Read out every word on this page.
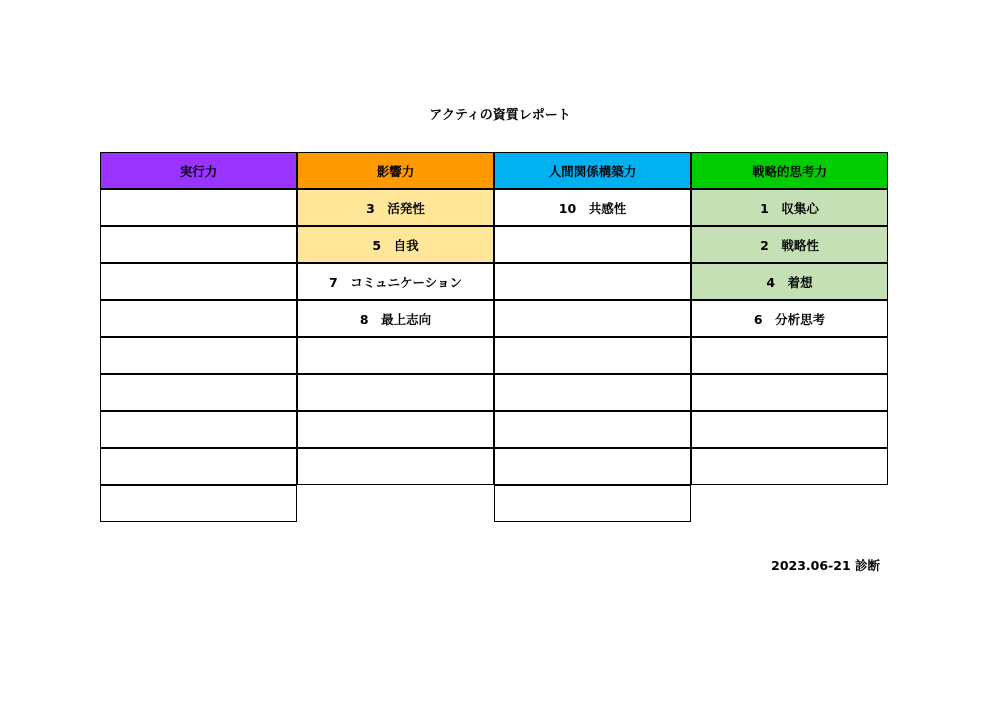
アクティの資質レポート
実行力	影響力
3　活発性
5　自我
7　コミュニケーション
8　最上志向
人間関係構築力
10　共感性
戦略的思考力
1　収集心
2　戦略性
4　着想
6　分析思考
2023.06-21 診断
